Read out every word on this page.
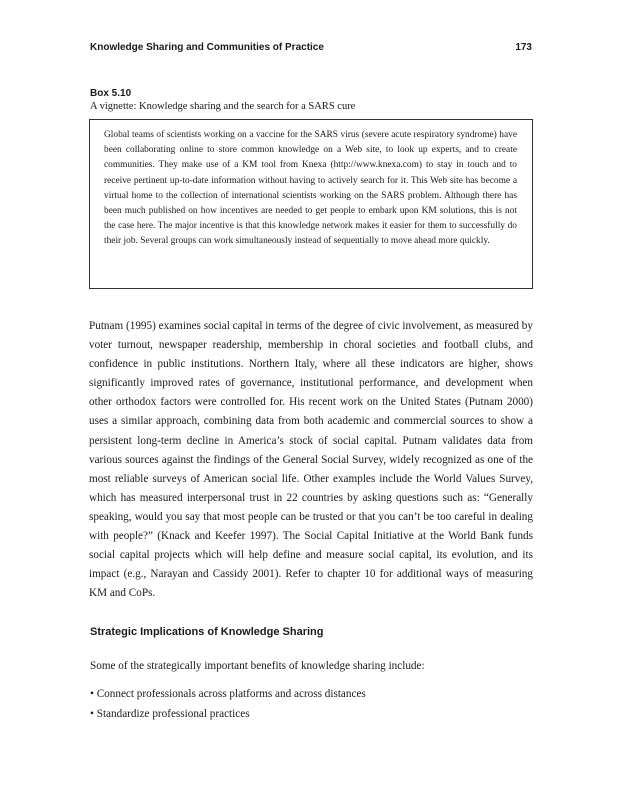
Knowledge Sharing and Communities of Practice	173
Box 5.10
A vignette: Knowledge sharing and the search for a SARS cure

Global teams of scientists working on a vaccine for the SARS virus (severe acute respiratory syndrome) have been collaborating online to store common knowledge on a Web site, to look up experts, and to create communities. They make use of a KM tool from Knexa (http://www.knexa.com) to stay in touch and to receive pertinent up-to-date information without having to actively search for it. This Web site has become a virtual home to the collection of international scientists working on the SARS problem. Although there has been much published on how incentives are needed to get people to embark upon KM solutions, this is not the case here. The major incentive is that this knowledge network makes it easier for them to successfully do their job. Several groups can work simultaneously instead of sequentially to move ahead more quickly.

Putnam (1995) examines social capital in terms of the degree of civic involvement, as measured by voter turnout, newspaper readership, membership in choral societies and football clubs, and confidence in public institutions. Northern Italy, where all these indicators are higher, shows significantly improved rates of governance, institutional performance, and development when other orthodox factors were controlled for. His recent work on the United States (Putnam 2000) uses a similar approach, combining data from both academic and commercial sources to show a persistent long-term decline in America’s stock of social capital. Putnam validates data from various sources against the findings of the General Social Survey, widely recognized as one of the most reliable surveys of American social life. Other examples include the World Values Survey, which has measured interpersonal trust in 22 countries by asking questions such as: “Generally speaking, would you say that most people can be trusted or that you can’t be too careful in dealing with people?” (Knack and Keefer 1997). The Social Capital Initiative at the World Bank funds social capital projects which will help define and measure social capital, its evolution, and its impact (e.g., Narayan and Cassidy 2001). Refer to chapter 10 for additional ways of measuring KM and CoPs.

Strategic Implications of Knowledge Sharing

Some of the strategically important benefits of knowledge sharing include:

• Connect professionals across platforms and across distances
• Standardize professional practices
